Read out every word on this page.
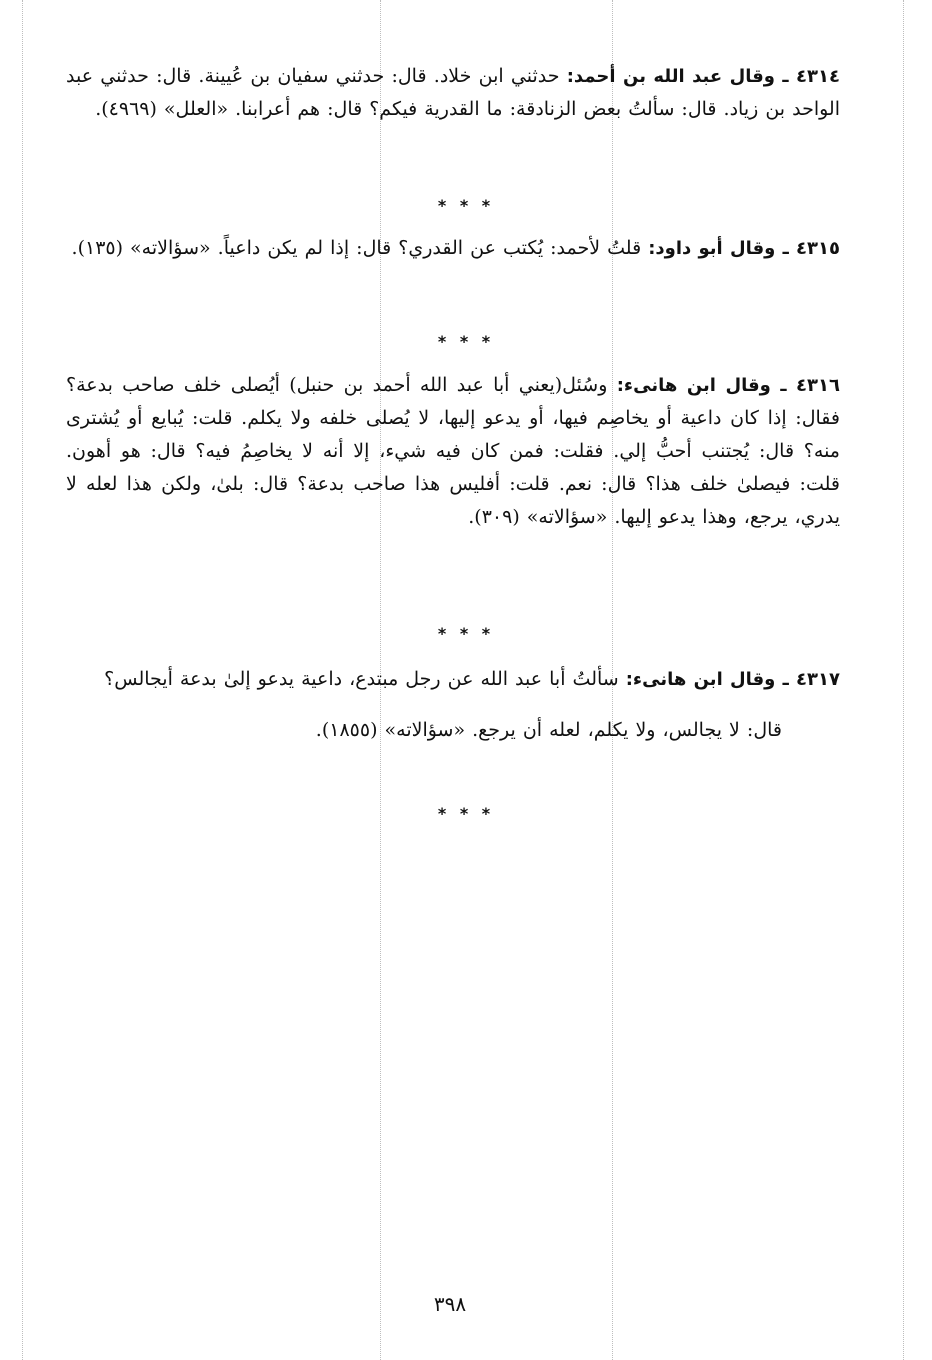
٤٣١٤ ـ وقال عبد الله بن أحمد: حدثني ابن خلاد. قال: حدثني سفيان بن عُيينة. قال: حدثني عبد الواحد بن زياد. قال: سألتُ بعض الزنادقة: ما القدرية فيكم؟ قال: هم أعرابنا. «العلل» (٤٩٦٩).
* * *
٤٣١٥ ـ وقال أبو داود: قلتُ لأحمد: يُكتب عن القدري؟ قال: إذا لم يكن داعياً. «سؤالاته» (١٣٥).
* * *
٤٣١٦ ـ وقال ابن هانىء: وسُئل(يعني أبا عبد الله أحمد بن حنبل) أيُصلى خلف صاحب بدعة؟ فقال: إذا كان داعية أو يخاصِم فيها، أو يدعو إليها، لا يُصلى خلفه ولا يكلم. قلت: يُبايع أو يُشترى منه؟ قال: يُجتنب أحبُّ إلي. فقلت: فمن كان فيه شيء، إلا أنه لا يخاصِمُ فيه؟ قال: هو أهون. قلت: فيصلىٰ خلف هذا؟ قال: نعم. قلت: أفليس هذا صاحب بدعة؟ قال: بلىٰ، ولكن هذا لعله لا يدري، يرجع، وهذا يدعو إليها. «سؤالاته» (٣٠٩).
* * *
٤٣١٧ ـ وقال ابن هانىء: سألتُ أبا عبد الله عن رجل مبتدع، داعية يدعو إلىٰ بدعة أيجالس؟
قال: لا يجالس، ولا يكلم، لعله أن يرجع. «سؤالاته» (١٨٥٥).
* * *
٣٩٨
